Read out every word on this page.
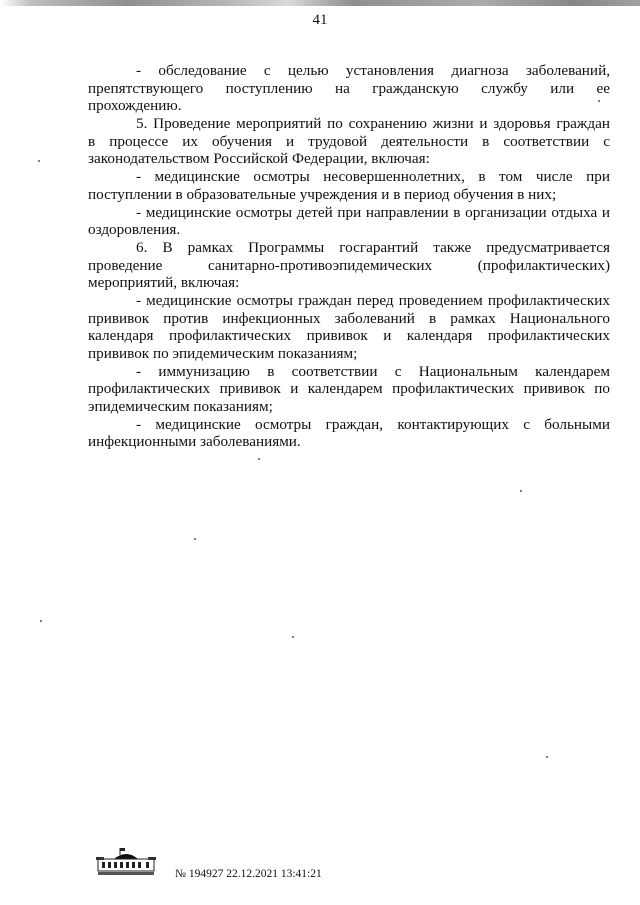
41
- обследование с целью установления диагноза заболеваний,
препятствующего поступлению на гражданскую службу или ее
прохождению.
5. Проведение мероприятий по сохранению жизни и здоровья граждан
в процессе их обучения и трудовой деятельности в соответствии с
законодательством Российской Федерации, включая:
- медицинские осмотры несовершеннолетних, в том числе при
поступлении в образовательные учреждения и в период обучения в них;
- медицинские осмотры детей при направлении в организации отдыха и
оздоровления.
6. В рамках Программы госгарантий также предусматривается
проведение санитарно-противоэпидемических (профилактических)
мероприятий, включая:
- медицинские осмотры граждан перед проведением профилактических
прививок против инфекционных заболеваний в рамках Национального
календаря профилактических прививок и календаря профилактических
прививок по эпидемическим показаниям;
- иммунизацию в соответствии с Национальным календарем
профилактических прививок и календарем профилактических прививок по
эпидемическим показаниям;
- медицинские осмотры граждан, контактирующих с больными
инфекционными заболеваниями.
№ 194927 22.12.2021 13:41:21
